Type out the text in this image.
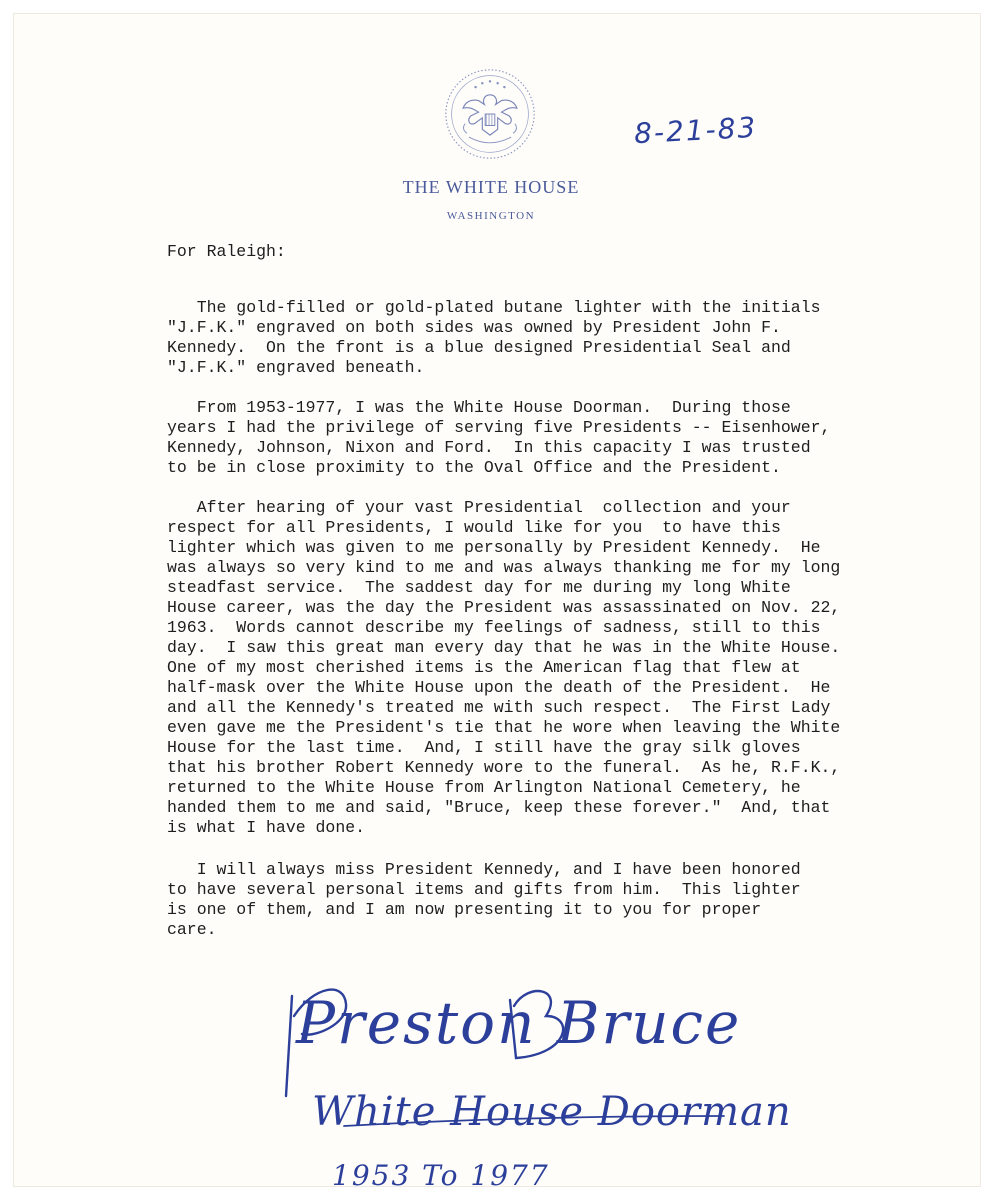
8-21-83
THE WHITE HOUSE
WASHINGTON
For Raleigh:
The gold-filled or gold-plated butane lighter with the initials
"J.F.K." engraved on both sides was owned by President John F.
Kennedy.  On the front is a blue designed Presidential Seal and
"J.F.K." engraved beneath.
From 1953-1977, I was the White House Doorman.  During those
years I had the privilege of serving five Presidents -- Eisenhower,
Kennedy, Johnson, Nixon and Ford.  In this capacity I was trusted
to be in close proximity to the Oval Office and the President.
After hearing of your vast Presidential  collection and your
respect for all Presidents, I would like for you  to have this
lighter which was given to me personally by President Kennedy.  He
was always so very kind to me and was always thanking me for my long
steadfast service.  The saddest day for me during my long White
House career, was the day the President was assassinated on Nov. 22,
1963.  Words cannot describe my feelings of sadness, still to this
day.  I saw this great man every day that he was in the White House.
One of my most cherished items is the American flag that flew at
half-mask over the White House upon the death of the President.  He
and all the Kennedy's treated me with such respect.  The First Lady
even gave me the President's tie that he wore when leaving the White
House for the last time.  And, I still have the gray silk gloves
that his brother Robert Kennedy wore to the funeral.  As he, R.F.K.,
returned to the White House from Arlington National Cemetery, he
handed them to me and said, "Bruce, keep these forever."  And, that
is what I have done.
I will always miss President Kennedy, and I have been honored
to have several personal items and gifts from him.  This lighter
is one of them, and I am now presenting it to you for proper
care.
Preston Bruce
White House Doorman
1953 To 1977
